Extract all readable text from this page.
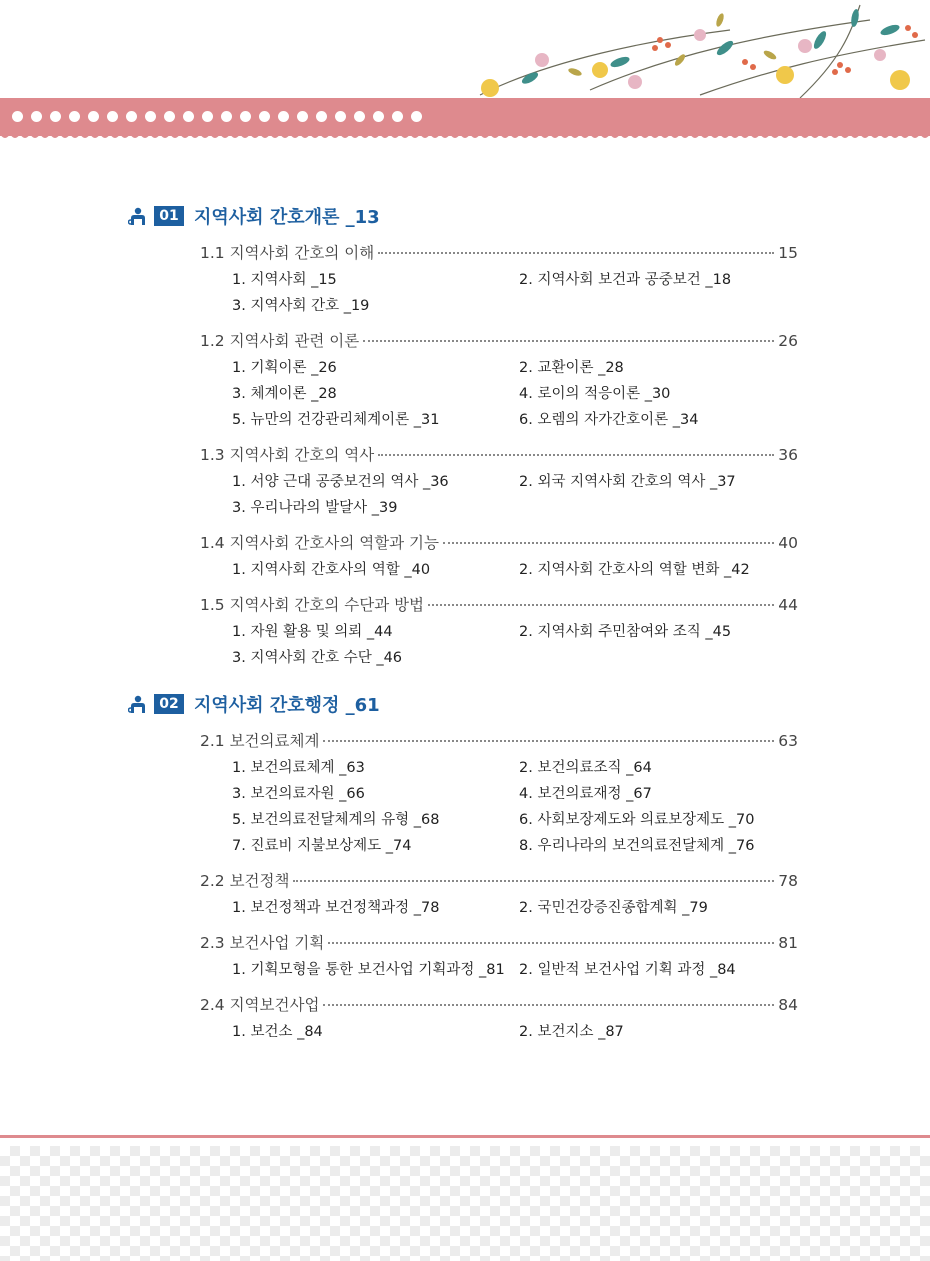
C O N T E N T S
01 지역사회 간호개론 _13
1.1 지역사회 간호의 이해	15
1. 지역사회 _15	2. 지역사회 보건과 공중보건 _18
3. 지역사회 간호 _19
1.2 지역사회 관련 이론	26
1. 기획이론 _26	2. 교환이론 _28
3. 체계이론 _28	4. 로이의 적응이론 _30
5. 뉴만의 건강관리체계이론 _31	6. 오렘의 자가간호이론 _34
1.3 지역사회 간호의 역사	36
1. 서양 근대 공중보건의 역사 _36	2. 외국 지역사회 간호의 역사 _37
3. 우리나라의 발달사 _39
1.4 지역사회 간호사의 역할과 기능	40
1. 지역사회 간호사의 역할 _40	2. 지역사회 간호사의 역할 변화 _42
1.5 지역사회 간호의 수단과 방법	44
1. 자원 활용 및 의뢰 _44	2. 지역사회 주민참여와 조직 _45
3. 지역사회 간호 수단 _46
02 지역사회 간호행정 _61
2.1 보건의료체계	63
1. 보건의료체계 _63	2. 보건의료조직 _64
3. 보건의료자원 _66	4. 보건의료재정 _67
5. 보건의료전달체계의 유형 _68	6. 사회보장제도와 의료보장제도 _70
7. 진료비 지불보상제도 _74	8. 우리나라의 보건의료전달체계 _76
2.2 보건정책	78
1. 보건정책과 보건정책과정 _78	2. 국민건강증진종합계획 _79
2.3 보건사업 기획	81
1. 기획모형을 통한 보건사업 기획과정 _81 2. 일반적 보건사업 기획 과정 _84
2.4 지역보건사업	84
1. 보건소 _84	2. 보건지소 _87
